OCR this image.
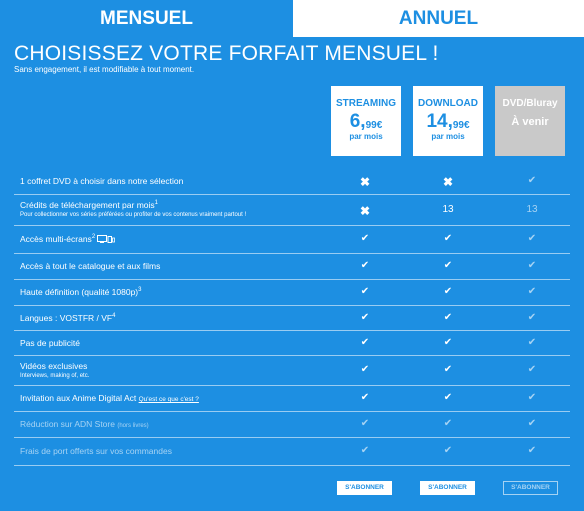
MENSUEL	ANNUEL
CHOISISSEZ VOTRE FORFAIT MENSUEL !
Sans engagement, il est modifiable à tout moment.
STREAMING
6,$^{99€}$
par mois
DOWNLOAD
14,$^{99€}$
par mois
DVD/Bluray
À venir
1 coffret DVD à choisir dans notre sélection	✖	✖	✔
Crédits de téléchargement par mois$^1$
Pour collectionner vos séries préférées ou profiter de vos contenus vraiment partout !	✖	13	13
Accès multi-écrans$^2$	✔	✔	✔
Accès à tout le catalogue et aux films	✔	✔	✔
Haute définition (qualité 1080p)$^3$	✔	✔	✔
Langues : VOSTFR / $VF^4$	✔	✔	✔
Pas de publicité	✔	✔	✔
Vidéos exclusives
Interviews, making of, etc.
✔	✔	✔
Invitation aux Anime Digital Act Qu'est ce que c'est ?	✔	✔	✔
Réduction sur ADN Store (hors livres)	✔	✔	✔
Frais de port offerts sur vos commandes	✔	✔	✔
S'ABONNER	S'ABONNER	S'ABONNER
